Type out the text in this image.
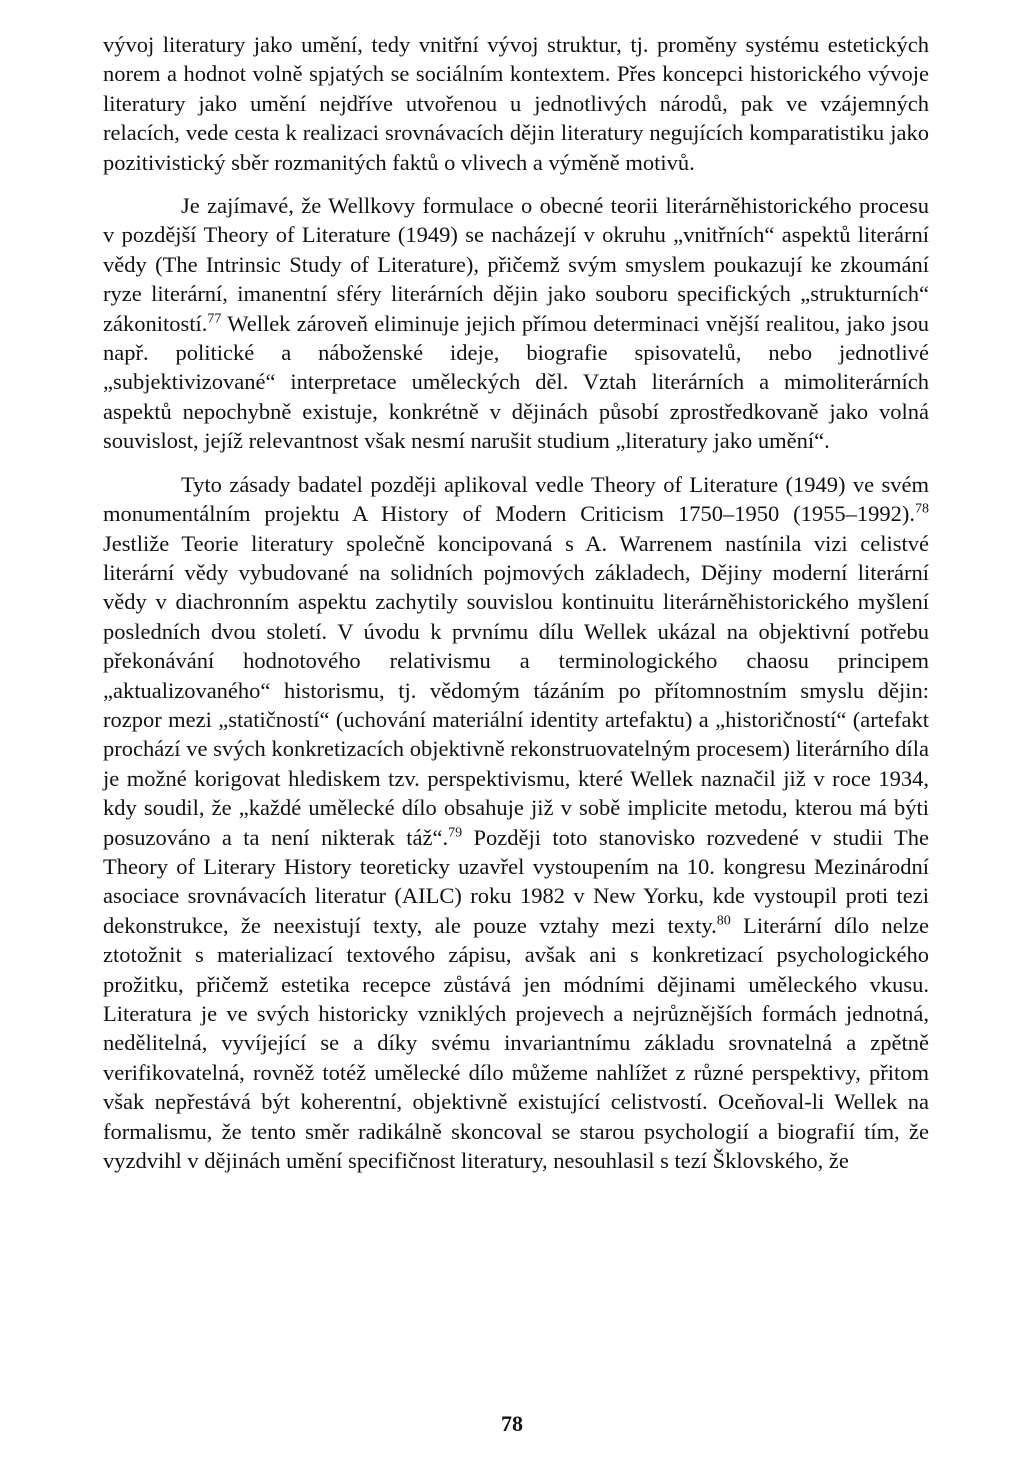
vývoj literatury jako umění, tedy vnitřní vývoj struktur, tj. proměny systému estetických norem a hodnot volně spjatých se sociálním kontextem. Přes koncepci historického vývoje literatury jako umění nejdříve utvořenou u jednotlivých národů, pak ve vzájemných relacích, vede cesta k realizaci srovnávacích dějin literatury negujících komparatistiku jako pozitivistický sběr rozmanitých faktů o vlivech a výměně motivů.

Je zajímavé, že Wellkovy formulace o obecné teorii literárněhistorického procesu v pozdější Theory of Literature (1949) se nacházejí v okruhu „vnitřních“ aspektů literární vědy (The Intrinsic Study of Literature), přičemž svým smyslem poukazují ke zkoumání ryze literární, imanentní sféry literárních dějin jako souboru specifických „strukturních“ zákonitostí.$^{77}$ Wellek zároveň eliminuje jejich přímou determinaci vnější realitou, jako jsou např. politické a náboženské ideje, biografie spisovatelů, nebo jednotlivé „subjektivizované“ interpretace uměleckých děl. Vztah literárních a mimoliterárních aspektů nepochybně existuje, konkrétně v dějinách působí zprostředkovaně jako volná souvislost, jejíž relevantnost však nesmí narušit studium „literatury jako umění“.

Tyto zásady badatel později aplikoval vedle Theory of Literature (1949) ve svém monumentálním projektu A History of Modern Criticism 1750–1950 (1955–1992).$^{78}$ Jestliže Teorie literatury společně koncipovaná s A. Warrenem nastínila vizi celistvé literární vědy vybudované na solidních pojmových základech, Dějiny moderní literární vědy v diachronním aspektu zachytily souvislou kontinuitu literárněhistorického myšlení posledních dvou století. V úvodu k prvnímu dílu Wellek ukázal na objektivní potřebu překonávání hodnotového relativismu a terminologického chaosu principem „aktualizovaného“ historismu, tj. vědomým tázáním po přítomnostním smyslu dějin: rozpor mezi „statičností“ (uchování materiální identity artefaktu) a „historičností“ (artefakt prochází ve svých konkretizacích objektivně rekonstruovatelným procesem) literárního díla je možné korigovat hlediskem tzv. perspektivismu, které Wellek naznačil již v roce 1934, kdy soudil, že „každé umělecké dílo obsahuje již v sobě implicite metodu, kterou má býti posuzováno a ta není nikterak táž“.$^{79}$ Později toto stanovisko rozvedené v studii The Theory of Literary History teoreticky uzavřel vystoupením na 10. kongresu Mezinárodní asociace srovnávacích literatur (AILC) roku 1982 v New Yorku, kde vystoupil proti tezi dekonstrukce, že neexistují texty, ale pouze vztahy mezi texty.$^{80}$ Literární dílo nelze ztotožnit s materializací textového zápisu, avšak ani s konkretizací psychologického prožitku, přičemž estetika recepce zůstává jen módními dějinami uměleckého vkusu. Literatura je ve svých historicky vzniklých projevech a nejrůznějších formách jednotná, nedělitelná, vyvíjející se a díky svému invariantnímu základu srovnatelná a zpětně verifikovatelná, rovněž totéž umělecké dílo můžeme nahlížet z různé perspektivy, přitom však nepřestává být koherentní, objektivně existující celistvostí. Oceňoval-li Wellek na formalismu, že tento směr radikálně skoncoval se starou psychologií a biografií tím, že vyzdvihl v dějinách umění specifičnost literatury, nesouhlasil s tezí Šklovského, že

78
